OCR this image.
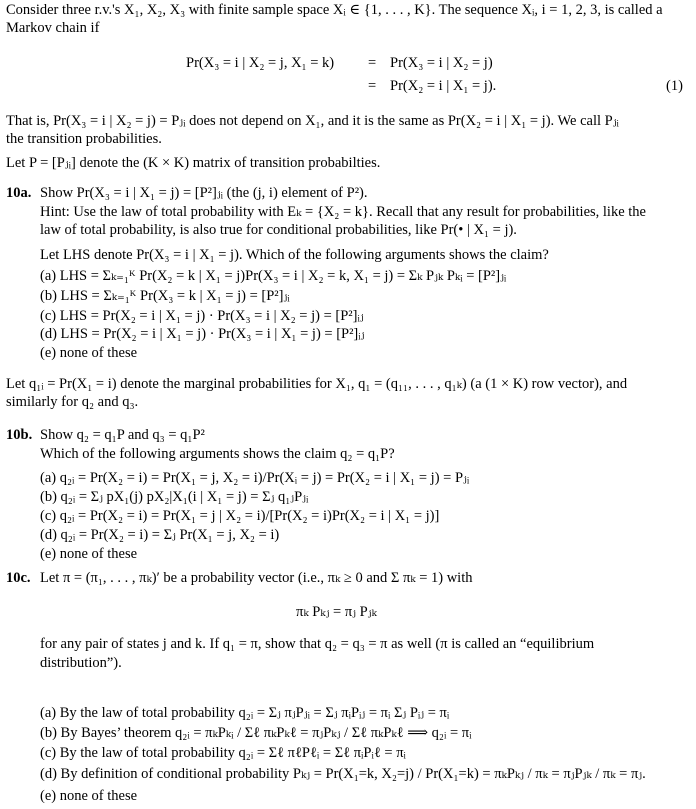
Consider three r.v.'s X₁, X₂, X₃ with finite sample space Xᵢ ∈ {1, . . . , K}. The sequence Xᵢ, i = 1, 2, 3, is called a
Markov chain if
Pr(X₃ = i | X₂ = j, X₁ = k) = Pr(X₃ = i | X₂ = j)
= Pr(X₂ = i | X₁ = j).	(1)
That is, Pr(X₃ = i | X₂ = j) = Pⱼᵢ does not depend on X₁, and it is the same as Pr(X₂ = i | X₁ = j). We call Pⱼᵢ
the transition probabilities.
Let P = [Pⱼᵢ] denote the (K × K) matrix of transition probabilties.
10a. Show Pr(X₃ = i | X₁ = j) = [P²]ⱼᵢ (the (j, i) element of P²).
Hint: Use the law of total probability with Eₖ = {X₂ = k}. Recall that any result for probabilities, like the
law of total probability, is also true for conditional probabilities, like Pr(• | X₁ = j).
Let LHS denote Pr(X₃ = i | X₁ = j). Which of the following arguments shows the claim?
(a) LHS = Σₖ₌₁ᴷ Pr(X₂ = k | X₁ = j)Pr(X₃ = i | X₂ = k, X₁ = j) = Σₖ Pⱼₖ Pₖᵢ = [P²]ⱼᵢ
(b) LHS = Σₖ₌₁ᴷ Pr(X₃ = k | X₁ = j) = [P²]ⱼᵢ
(c) LHS = Pr(X₂ = i | X₁ = j) · Pr(X₃ = i | X₂ = j) = [P²]ᵢⱼ
(d) LHS = Pr(X₂ = i | X₁ = j) · Pr(X₃ = i | X₁ = j) = [P²]ᵢⱼ
(e) none of these
Let q₁ᵢ = Pr(X₁ = i) denote the marginal probabilities for X₁, q₁ = (q₁₁, . . . , q₁ₖ) (a (1 × K) row vector), and
similarly for q₂ and q₃.
10b. Show q₂ = q₁P and q₃ = q₁P²
Which of the following arguments shows the claim q₂ = q₁P?
(a) q₂ᵢ = Pr(X₂ = i) = Pr(X₁ = j, X₂ = i)/Pr(Xᵢ = j) = Pr(X₂ = i | X₁ = j) = Pⱼᵢ
(b) q₂ᵢ = Σⱼ pX₁(j) pX₂|X₁(i | X₁ = j) = Σⱼ q₁ⱼPⱼᵢ
(c) q₂ᵢ = Pr(X₂ = i) = Pr(X₁ = j | X₂ = i)/[Pr(X₂ = i)Pr(X₂ = i | X₁ = j)]
(d) q₂ᵢ = Pr(X₂ = i) = Σⱼ Pr(X₁ = j, X₂ = i)
(e) none of these
10c. Let π = (π₁, . . . , πₖ)′ be a probability vector (i.e., πₖ ≥ 0 and Σ πₖ = 1) with
πₖ Pₖⱼ = πⱼ Pⱼₖ
for any pair of states j and k. If q₁ = π, show that q₂ = q₃ = π as well (π is called an “equilibrium
distribution”).
(a) By the law of total probability q₂ᵢ = Σⱼ πⱼPⱼᵢ = Σⱼ πᵢPᵢⱼ = πᵢ Σⱼ Pᵢⱼ = πᵢ
(b) By Bayes’ theorem q₂ᵢ = πₖPₖᵢ / Σℓ πₖPₖℓ = πⱼPₖⱼ / Σℓ πₖPₖℓ ⟹ q₂ᵢ = πᵢ
(c) By the law of total probability q₂ᵢ = Σℓ πℓPℓᵢ = Σℓ πᵢPᵢℓ = πᵢ
(d) By definition of conditional probability Pₖⱼ = Pr(X₁=k, X₂=j) / Pr(X₁=k) = πₖPₖⱼ / πₖ = πⱼPⱼₖ / πₖ = πⱼ.
(e) none of these
